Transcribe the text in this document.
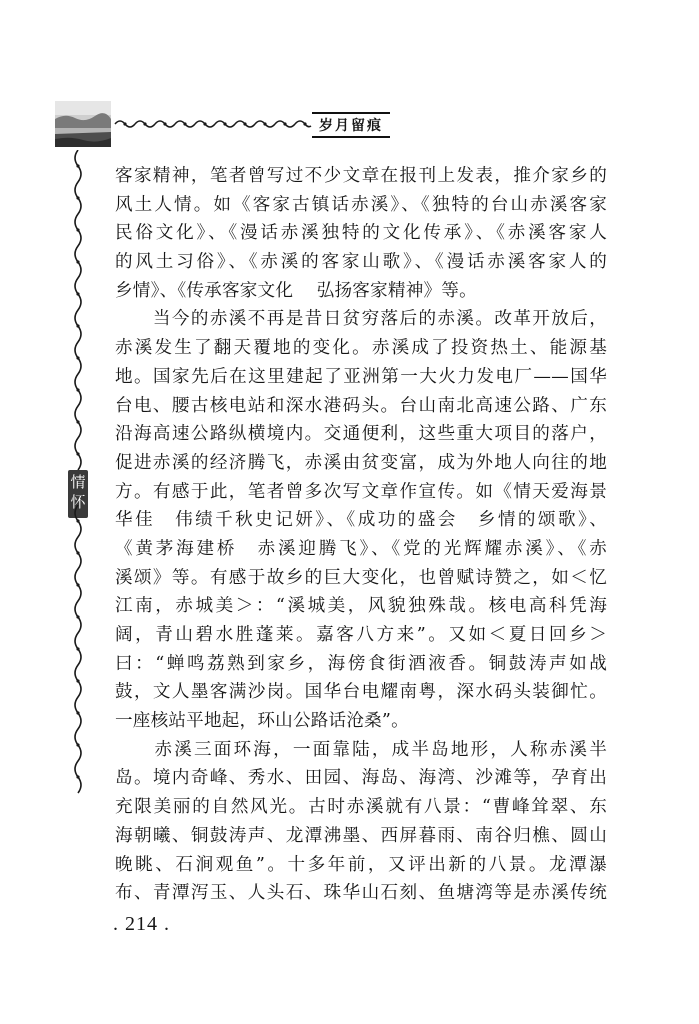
岁月留痕
情
怀
客家精神，笔者曾写过不少文章在报刊上发表，推介家乡的
风土人情。如《客家古镇话赤溪》、《独特的台山赤溪客家
民俗文化》、《漫话赤溪独特的文化传承》、《赤溪客家人
的风土习俗》、《赤溪的客家山歌》、《漫话赤溪客家人的
乡情》、《传承客家文化　 弘扬客家精神》等。
　　当今的赤溪不再是昔日贫穷落后的赤溪。改革开放后，
赤溪发生了翻天覆地的变化。赤溪成了投资热土、能源基
地。国家先后在这里建起了亚洲第一大火力发电厂——国华
台电、腰古核电站和深水港码头。台山南北高速公路、广东
沿海高速公路纵横境内。交通便利，这些重大项目的落户，
促进赤溪的经济腾飞，赤溪由贫变富，成为外地人向往的地
方。有感于此，笔者曾多次写文章作宣传。如《情天爱海景
华佳　伟绩千秋史记妍》、《成功的盛会　乡情的颂歌》、
《黄茅海建桥　赤溪迎腾飞》、《党的光辉耀赤溪》、《赤
溪颂》等。有感于故乡的巨大变化，也曾赋诗赞之，如＜忆
江南，赤城美＞：“溪城美，风貌独殊哉。核电高科凭海
阔，青山碧水胜蓬莱。嘉客八方来”。又如＜夏日回乡＞
曰：“蝉鸣荔熟到家乡，海傍食街酒液香。铜鼓涛声如战
鼓，文人墨客满沙岗。国华台电耀南粤，深水码头装御忙。
一座核站平地起，环山公路话沧桑”。
　　赤溪三面环海，一面靠陆，成半岛地形，人称赤溪半
岛。境内奇峰、秀水、田园、海岛、海湾、沙滩等，孕育出
充限美丽的自然风光。古时赤溪就有八景：“曹峰耸翠、东
海朝曦、铜鼓涛声、龙潭沸墨、西屏暮雨、南谷归樵、圆山
晚眺、石涧观鱼”。十多年前，又评出新的八景。龙潭瀑
布、青潭泻玉、人头石、珠华山石刻、鱼塘湾等是赤溪传统
. 214 .
